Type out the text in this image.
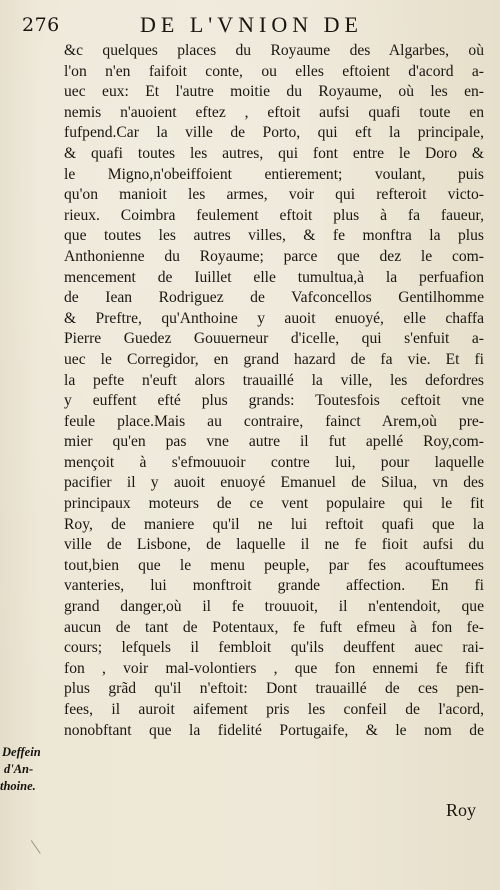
276	DE L'VNION DE
&c quelques places du Royaume des Algarbes, où
l'on n'en faifoit conte, ou elles eftoient d'acord a-
uec eux: Et l'autre moitie du Royaume, où les en-
nemis n'auoient eftez , eftoit aufsi quafi toute en
fufpend.Car la ville de Porto, qui eft la principale,
& quafi toutes les autres, qui font entre le Doro &
le Migno,n'obeiffoient entierement; voulant, puis
qu'on manioit les armes, voir qui refteroit victo-
rieux. Coimbra feulement eftoit plus à fa faueur,
que toutes les autres villes, & fe monftra la plus
Anthonienne du Royaume; parce que dez le com-
mencement de Iuillet elle tumultua,à la perfuafion
de Iean Rodriguez de Vafconcellos Gentilhomme
& Preftre, qu'Anthoine y auoit enuoyé, elle chaffa
Pierre Guedez Gouuerneur d'icelle, qui s'enfuit a-
uec le Corregidor, en grand hazard de fa vie. Et fi
la pefte n'euft alors trauaillé la ville, les defordres
y euffent efté plus grands: Toutesfois ceftoit vne
feule place.Mais au contraire, fainct Arem,où pre-
mier qu'en pas vne autre il fut apellé Roy,com-
mençoit à s'efmouuoir contre lui, pour laquelle
pacifier il y auoit enuoyé Emanuel de Silua, vn des
principaux moteurs de ce vent populaire qui le fit
Roy, de maniere qu'il ne lui reftoit quafi que la
ville de Lisbone, de laquelle il ne fe fioit aufsi du
tout,bien que le menu peuple, par fes acouftumees
vanteries, lui monftroit grande affection. En fi
grand danger,où il fe trouuoit, il n'entendoit, que
aucun de tant de Potentaux, fe fuft efmeu à fon fe-
cours; lefquels il fembloit qu'ils deuffent auec rai-
fon , voir mal-volontiers , que fon ennemi fe fift
plus grãd qu'il n'eftoit: Dont trauaillé de ces pen-
fees, il auroit aifement pris les confeil de l'acord,
nonobftant que la fidelité Portugaife, & le nom de
Deffein
d'An-
thoine.
Roy
